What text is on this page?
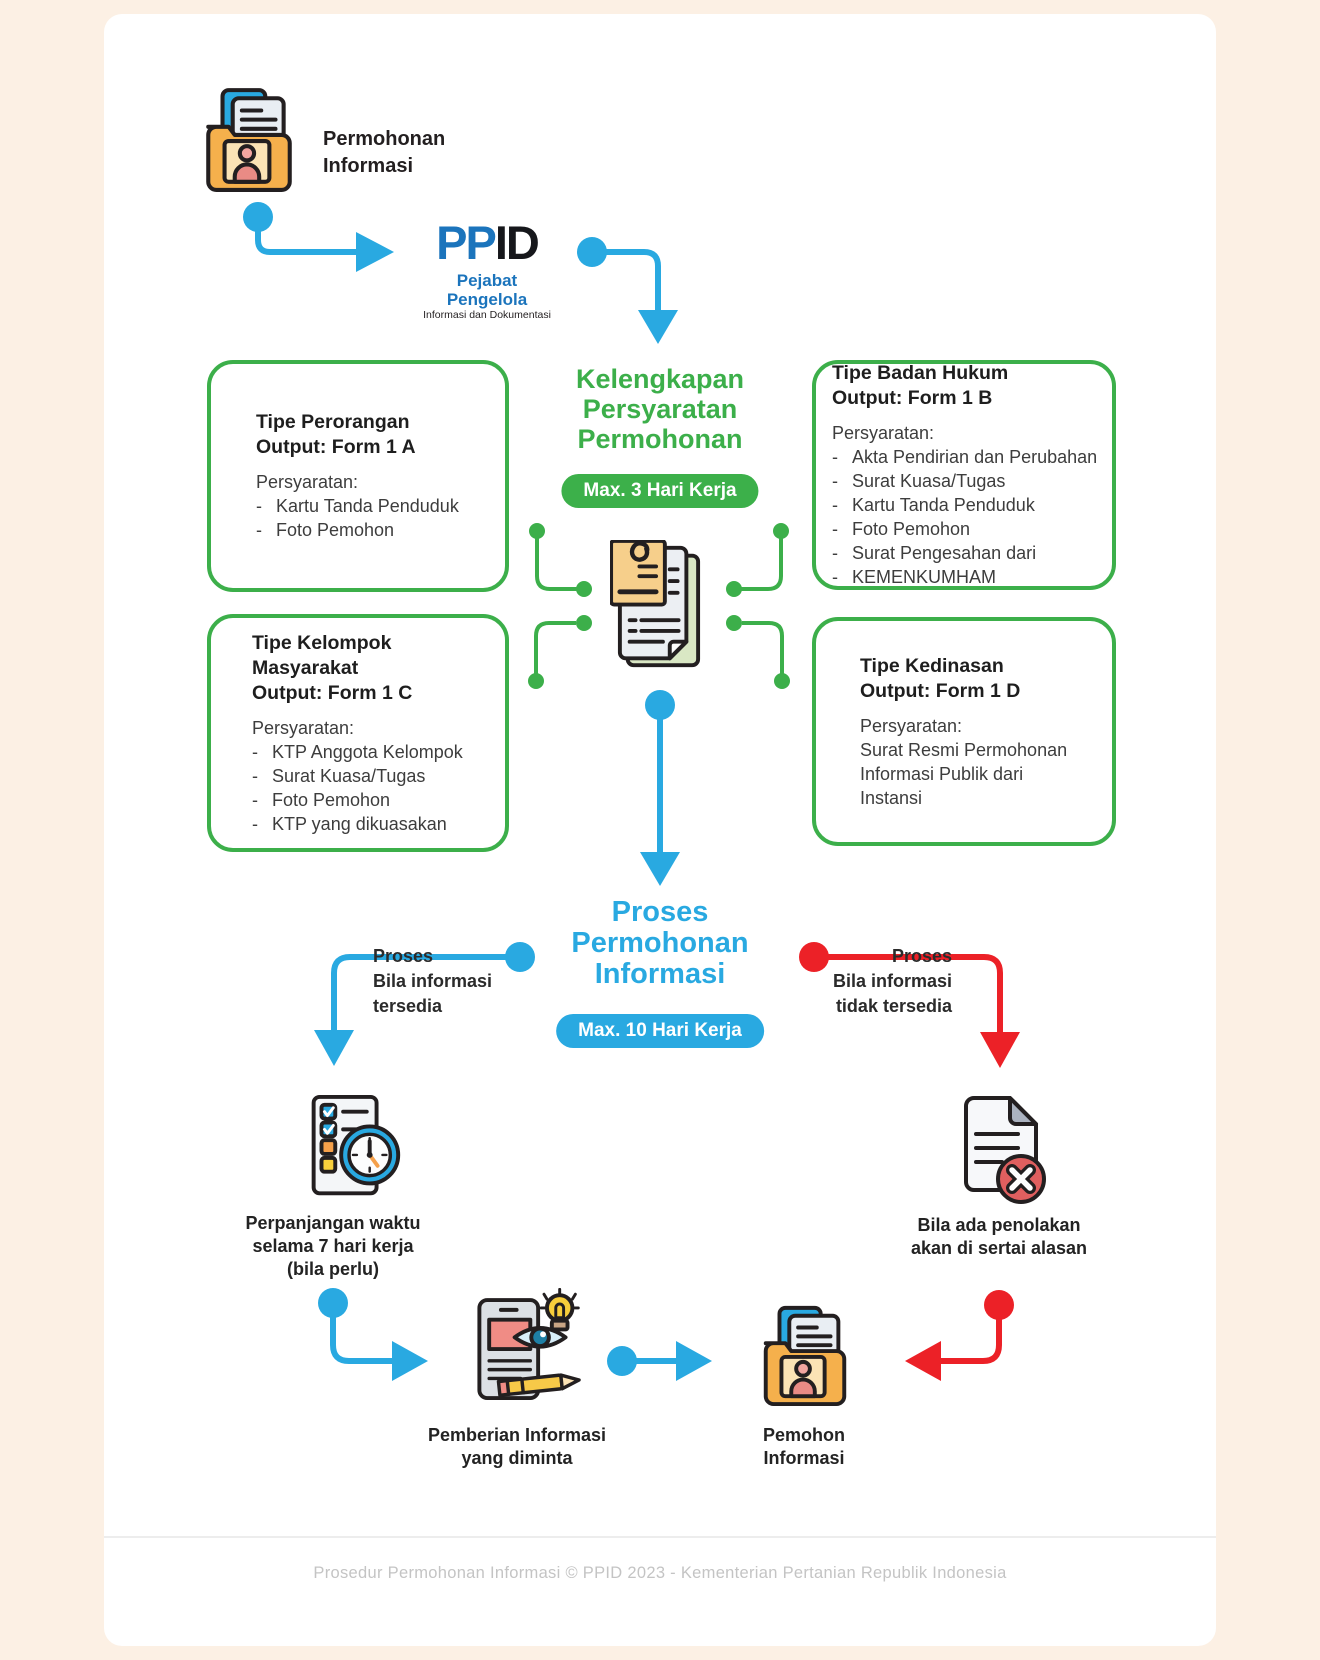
Permohonan
Informasi
PPID
Pejabat Pengelola
Informasi dan Dokumentasi
Kelengkapan
Persyaratan
Permohonan
Max. 3 Hari Kerja
Tipe Perorangan
Output: Form 1 A
Persyaratan:
- Kartu Tanda Penduduk
- Foto Pemohon
Tipe Badan Hukum
Output: Form 1 B
Persyaratan:
- Akta Pendirian dan Perubahan
- Surat Kuasa/Tugas
- Kartu Tanda Penduduk
- Foto Pemohon
- Surat Pengesahan dari
- KEMENKUMHAM
Tipe Kelompok
Masyarakat
Output: Form 1 C
Persyaratan:
- KTP Anggota Kelompok
- Surat Kuasa/Tugas
- Foto Pemohon
- KTP yang dikuasakan
Tipe Kedinasan
Output: Form 1 D
Persyaratan:
Surat Resmi Permohonan
Informasi Publik dari
Instansi
Proses
Permohonan
Informasi
Max. 10 Hari Kerja
Proses
Bila informasi
tersedia
Proses
Bila informasi
tidak tersedia
Perpanjangan waktu
selama 7 hari kerja
(bila perlu)
Bila ada penolakan
akan di sertai alasan
Pemberian Informasi
yang diminta
Pemohon
Informasi
Prosedur Permohonan Informasi © PPID 2023 - Kementerian Pertanian Republik Indonesia
